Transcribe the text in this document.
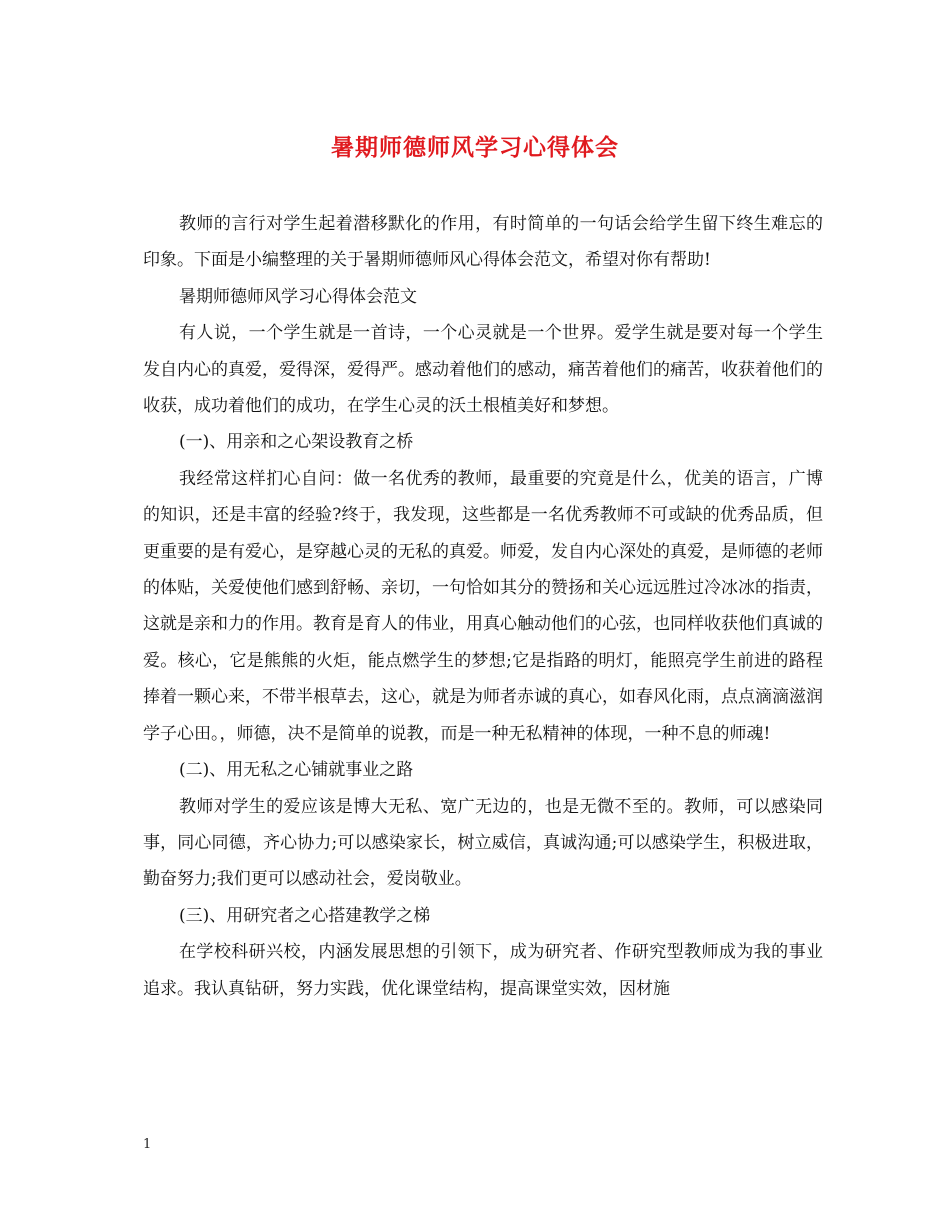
暑期师德师风学习心得体会

教师的言行对学生起着潜移默化的作用，有时简单的一句话会给学生留下终生难忘的印象。下面是小编整理的关于暑期师德师风心得体会范文，希望对你有帮助!

暑期师德师风学习心得体会范文

有人说，一个学生就是一首诗，一个心灵就是一个世界。爱学生就是要对每一个学生发自内心的真爱，爱得深，爱得严。感动着他们的感动，痛苦着他们的痛苦，收获着他们的收获，成功着他们的成功，在学生心灵的沃土根植美好和梦想。

(一)、用亲和之心架设教育之桥

我经常这样扪心自问：做一名优秀的教师，最重要的究竟是什么，优美的语言，广博的知识，还是丰富的经验?终于，我发现，这些都是一名优秀教师不可或缺的优秀品质，但更重要的是有爱心，是穿越心灵的无私的真爱。师爱，发自内心深处的真爱，是师德的老师的体贴，关爱使他们感到舒畅、亲切，一句恰如其分的赞扬和关心远远胜过冷冰冰的指责，这就是亲和力的作用。教育是育人的伟业，用真心触动他们的心弦，也同样收获他们真诚的爱。核心，它是熊熊的火炬，能点燃学生的梦想;它是指路的明灯，能照亮学生前进的路程捧着一颗心来，不带半根草去，这心，就是为师者赤诚的真心，如春风化雨，点点滴滴滋润学子心田。，师德，决不是简单的说教，而是一种无私精神的体现，一种不息的师魂!

(二)、用无私之心铺就事业之路

教师对学生的爱应该是博大无私、宽广无边的，也是无微不至的。教师，可以感染同事，同心同德，齐心协力;可以感染家长，树立威信，真诚沟通;可以感染学生，积极进取，勤奋努力;我们更可以感动社会，爱岗敬业。

(三)、用研究者之心搭建教学之梯

在学校科研兴校，内涵发展思想的引领下，成为研究者、作研究型教师成为我的事业追求。我认真钻研，努力实践，优化课堂结构，提高课堂实效，因材施

1
